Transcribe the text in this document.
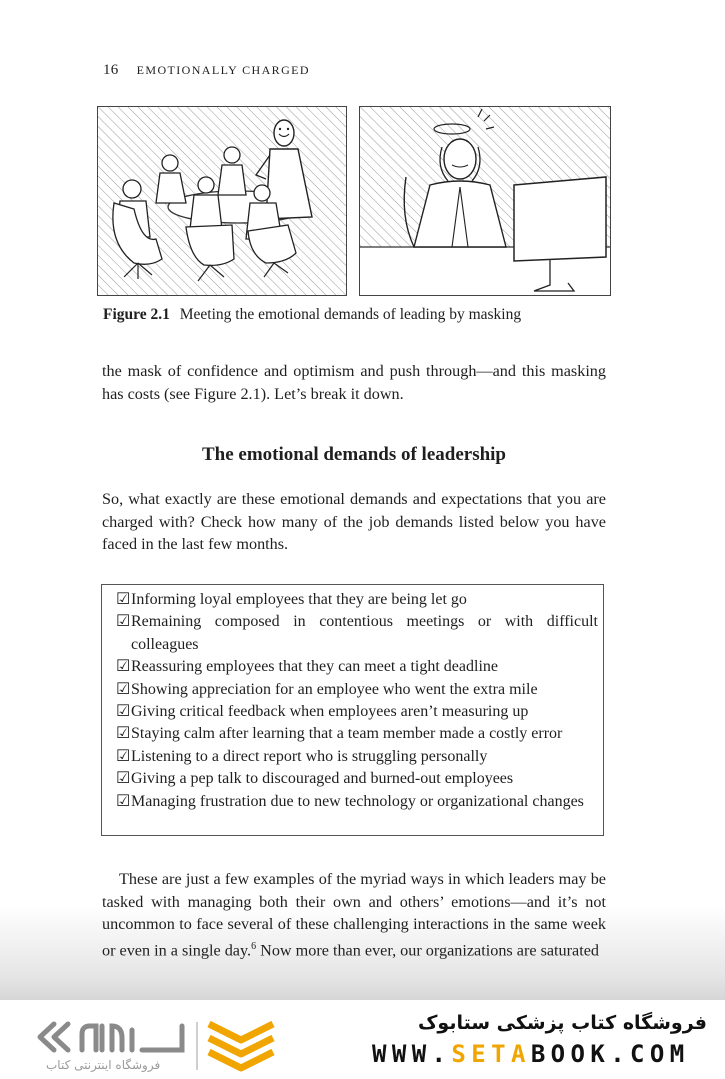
16 EMOTIONALLY CHARGED
Figure 2.1 Meeting the emotional demands of leading by masking
the mask of confidence and optimism and push through—and this masking has costs (see Figure 2.1). Let’s break it down.
The emotional demands of leadership
So, what exactly are these emotional demands and expectations that you are charged with? Check how many of the job demands listed below you have faced in the last few months.
☑ Informing loyal employees that they are being let go
☑ Remaining composed in contentious meetings or with difficult colleagues
☑ Reassuring employees that they can meet a tight deadline
☑ Showing appreciation for an employee who went the extra mile
☑ Giving critical feedback when employees aren’t measuring up
☑ Staying calm after learning that a team member made a costly error
☑ Listening to a direct report who is struggling personally
☑ Giving a pep talk to discouraged and burned-out employees
☑ Managing frustration due to new technology or organizational changes
These are just a few examples of the myriad ways in which leaders may be tasked with managing both their own and others’ emotions—and it’s not uncommon to face several of these challenging interactions in the same week or even in a single day.$^6$ Now more than ever, our organizations are saturated
فروشگاه اینترنتی کتاب
فروشگاه کتاب پزشکی ستابوک
WWW.SETABOOK.COM
